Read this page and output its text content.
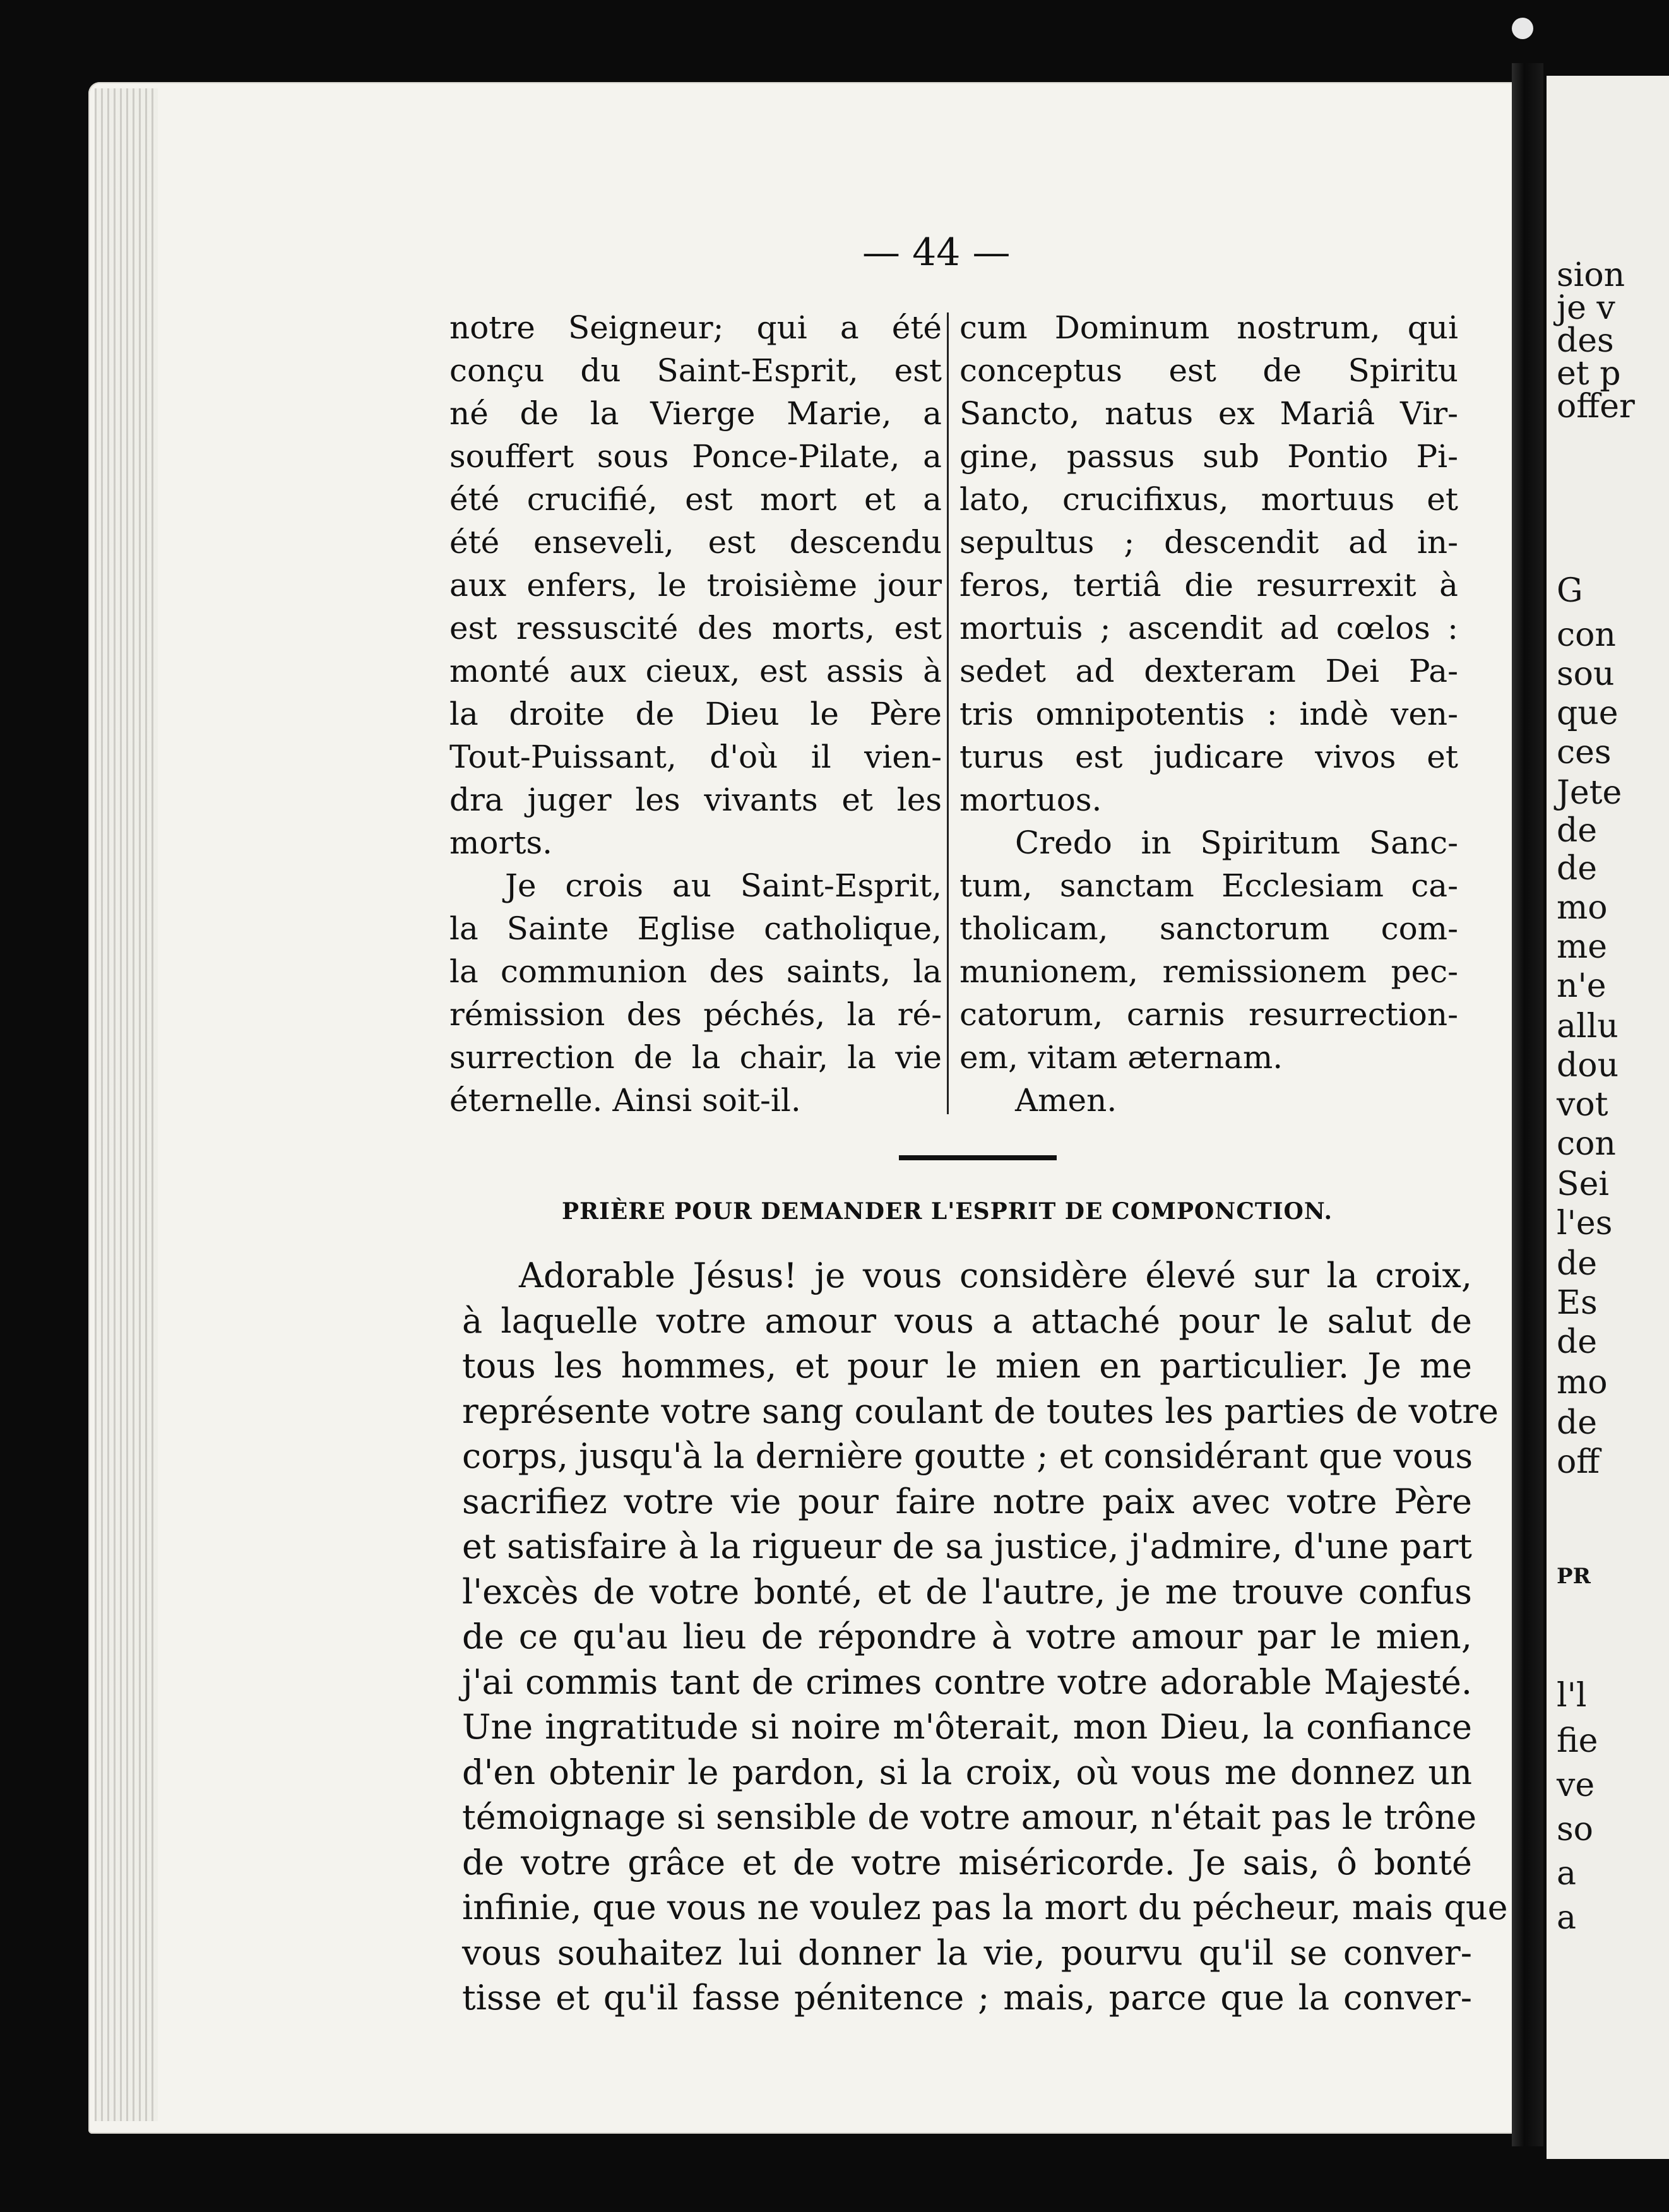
sion
je v
des
et p
offer
G
con
sou
que
ces
Jete
de
de
mo
me
n'e
allu
dou
vot
con
Sei
l'es
de
Es
de
mo
de
off
PR
l'l
fie
ve
so
a
a
— 44 —
notre Seigneur; qui a été
conçu du Saint-Esprit, est
né de la Vierge Marie, a
souffert sous Ponce-Pilate, a
été crucifié, est mort et a
été enseveli, est descendu
aux enfers, le troisième jour
est ressuscité des morts, est
monté aux cieux, est assis à
la droite de Dieu le Père
Tout-Puissant, d'où il vien-
dra juger les vivants et les
morts.
Je crois au Saint-Esprit,
la Sainte Eglise catholique,
la communion des saints, la
rémission des péchés, la ré-
surrection de la chair, la vie
éternelle. Ainsi soit-il.
cum Dominum nostrum, qui
conceptus est de Spiritu
Sancto, natus ex Mariâ Vir-
gine, passus sub Pontio Pi-
lato, crucifixus, mortuus et
sepultus ; descendit ad in-
feros, tertiâ die resurrexit à
mortuis ; ascendit ad cœlos :
sedet ad dexteram Dei Pa-
tris omnipotentis : indè ven-
turus est judicare vivos et
mortuos.
Credo in Spiritum Sanc-
tum, sanctam Ecclesiam ca-
tholicam, sanctorum com-
munionem, remissionem pec-
catorum, carnis resurrection-
em, vitam æternam.
Amen.
PRIÈRE POUR DEMANDER L'ESPRIT DE COMPONCTION.
Adorable Jésus! je vous considère élevé sur la croix,
à laquelle votre amour vous a attaché pour le salut de
tous les hommes, et pour le mien en particulier. Je me
représente votre sang coulant de toutes les parties de votre
corps, jusqu'à la dernière goutte ; et considérant que vous
sacrifiez votre vie pour faire notre paix avec votre Père
et satisfaire à la rigueur de sa justice, j'admire, d'une part
l'excès de votre bonté, et de l'autre, je me trouve confus
de ce qu'au lieu de répondre à votre amour par le mien,
j'ai commis tant de crimes contre votre adorable Majesté.
Une ingratitude si noire m'ôterait, mon Dieu, la confiance
d'en obtenir le pardon, si la croix, où vous me donnez un
témoignage si sensible de votre amour, n'était pas le trône
de votre grâce et de votre miséricorde. Je sais, ô bonté
infinie, que vous ne voulez pas la mort du pécheur, mais que
vous souhaitez lui donner la vie, pourvu qu'il se conver-
tisse et qu'il fasse pénitence ; mais, parce que la conver-
